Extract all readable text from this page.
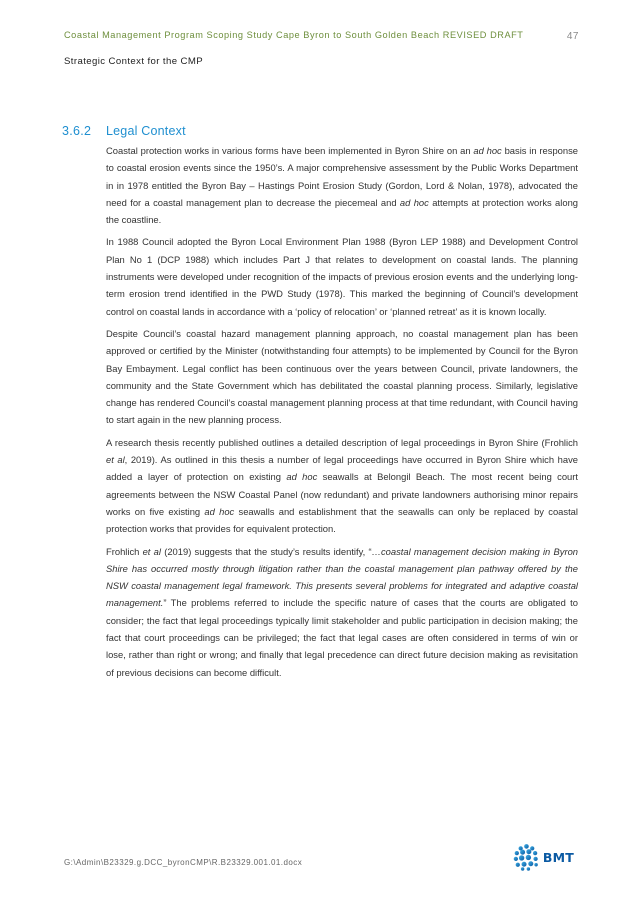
Coastal Management Program Scoping Study Cape Byron to South Golden Beach REVISED DRAFT	47
Strategic Context for the CMP
3.6.2 Legal Context

Coastal protection works in various forms have been implemented in Byron Shire on an ad hoc basis in response to coastal erosion events since the 1950’s. A major comprehensive assessment by the Public Works Department in in 1978 entitled the Byron Bay – Hastings Point Erosion Study (Gordon, Lord & Nolan, 1978), advocated the need for a coastal management plan to decrease the piecemeal and ad hoc attempts at protection works along the coastline.

In 1988 Council adopted the Byron Local Environment Plan 1988 (Byron LEP 1988) and Development Control Plan No 1 (DCP 1988) which includes Part J that relates to development on coastal lands. The planning instruments were developed under recognition of the impacts of previous erosion events and the underlying long-term erosion trend identified in the PWD Study (1978). This marked the beginning of Council’s development control on coastal lands in accordance with a ‘policy of relocation’ or ‘planned retreat’ as it is known locally.

Despite Council’s coastal hazard management planning approach, no coastal management plan has been approved or certified by the Minister (notwithstanding four attempts) to be implemented by Council for the Byron Bay Embayment. Legal conflict has been continuous over the years between Council, private landowners, the community and the State Government which has debilitated the coastal planning process. Similarly, legislative change has rendered Council’s coastal management planning process at that time redundant, with Council having to start again in the new planning process.

A research thesis recently published outlines a detailed description of legal proceedings in Byron Shire (Frohlich et al, 2019). As outlined in this thesis a number of legal proceedings have occurred in Byron Shire which have added a layer of protection on existing ad hoc seawalls at Belongil Beach. The most recent being court agreements between the NSW Coastal Panel (now redundant) and private landowners authorising minor repairs works on five existing ad hoc seawalls and establishment that the seawalls can only be replaced by coastal protection works that provides for equivalent protection.

Frohlich et al (2019) suggests that the study’s results identify, “…coastal management decision making in Byron Shire has occurred mostly through litigation rather than the coastal management plan pathway offered by the NSW coastal management legal framework. This presents several problems for integrated and adaptive coastal management.” The problems referred to include the specific nature of cases that the courts are obligated to consider; the fact that legal proceedings typically limit stakeholder and public participation in decision making; the fact that court proceedings can be privileged; the fact that legal cases are often considered in terms of win or lose, rather than right or wrong; and finally that legal precedence can direct future decision making as revisitation of previous decisions can become difficult.

G:\Admin\B23329.g.DCC_byronCMP\R.B23329.001.01.docx	BMT
